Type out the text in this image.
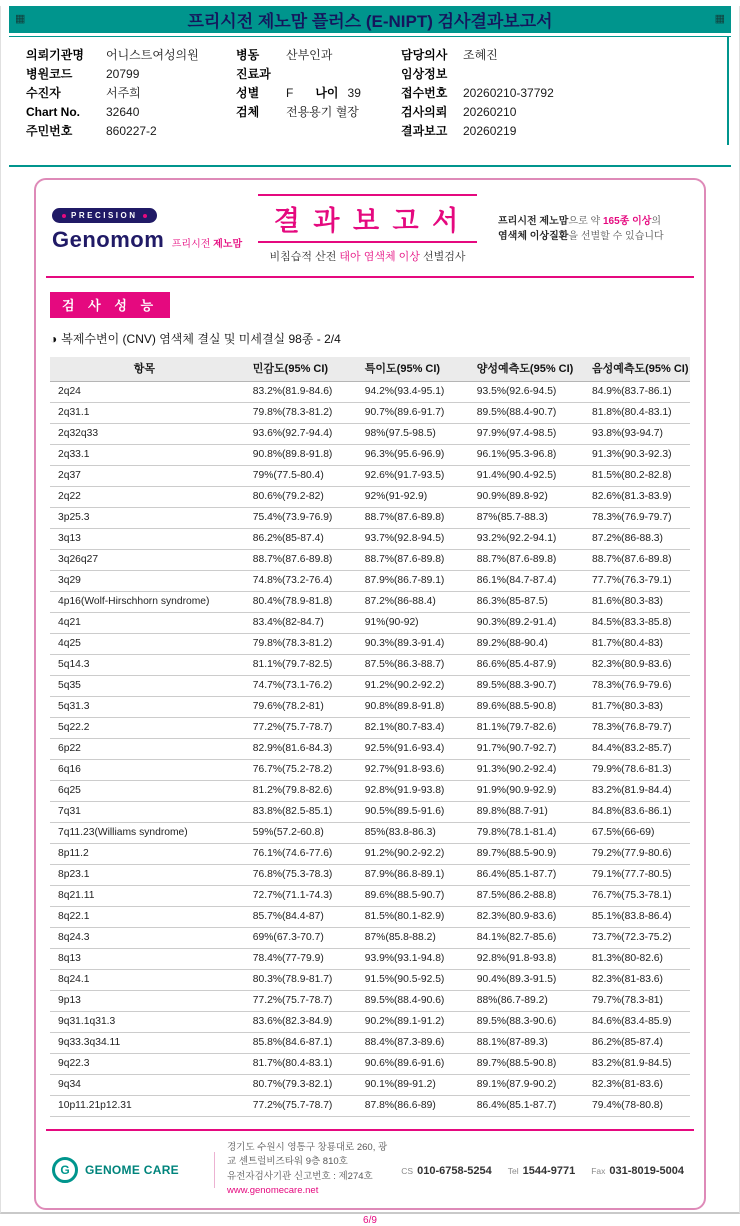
▦	프리시전 제노맘 플러스 (E-NIPT) 검사결과보고서	▦
의뢰기관명 어니스트여성의원
병원코드	20799
수진자	서주희
Chart No. 32640
주민번호	860227-2
병동 산부인과
진료과
성별 F 나이 39
검체 전용용기 혈장
담당의사 조혜진
임상정보
접수번호 20260210-37792
검사의뢰 20260210
결과보고 20260219
PRECISION
Genomom 프리시전 제노맘
결 과 보 고 서
비침습적 산전 태아 염색체 이상 선별검사
프리시전 제노맘으로 약 165종 이상의
염색체 이상질환을 선별할 수 있습니다
검 사 성 능
◑ 복제수변이 (CNV) 염색체 결실 및 미세결실 98종 - 2/4
항목	민감도(95% CI)	특이도(95% CI)	양성예측도(95% CI)	음성예측도(95% CI)
2q24	83.2%(81.9-84.6)	94.2%(93.4-95.1)	93.5%(92.6-94.5)	84.9%(83.7-86.1)
2q31.1	79.8%(78.3-81.2)	90.7%(89.6-91.7)	89.5%(88.4-90.7)	81.8%(80.4-83.1)
2q32q33	93.6%(92.7-94.4)	98%(97.5-98.5)	97.9%(97.4-98.5)	93.8%(93-94.7)
2q33.1	90.8%(89.8-91.8)	96.3%(95.6-96.9)	96.1%(95.3-96.8)	91.3%(90.3-92.3)
2q37	79%(77.5-80.4)	92.6%(91.7-93.5)	91.4%(90.4-92.5)	81.5%(80.2-82.8)
2q22	80.6%(79.2-82)	92%(91-92.9)	90.9%(89.8-92)	82.6%(81.3-83.9)
3p25.3	75.4%(73.9-76.9)	88.7%(87.6-89.8)	87%(85.7-88.3)	78.3%(76.9-79.7)
3q13	86.2%(85-87.4)	93.7%(92.8-94.5)	93.2%(92.2-94.1)	87.2%(86-88.3)
3q26q27	88.7%(87.6-89.8)	88.7%(87.6-89.8)	88.7%(87.6-89.8)	88.7%(87.6-89.8)
3q29	74.8%(73.2-76.4)	87.9%(86.7-89.1)	86.1%(84.7-87.4)	77.7%(76.3-79.1)
4p16(Wolf-Hirschhorn syndrome)	80.4%(78.9-81.8)	87.2%(86-88.4)	86.3%(85-87.5)	81.6%(80.3-83)
4q21	83.4%(82-84.7)	91%(90-92)	90.3%(89.2-91.4)	84.5%(83.3-85.8)
4q25	79.8%(78.3-81.2)	90.3%(89.3-91.4)	89.2%(88-90.4)	81.7%(80.4-83)
5q14.3	81.1%(79.7-82.5)	87.5%(86.3-88.7)	86.6%(85.4-87.9)	82.3%(80.9-83.6)
5q35	74.7%(73.1-76.2)	91.2%(90.2-92.2)	89.5%(88.3-90.7)	78.3%(76.9-79.6)
5q31.3	79.6%(78.2-81)	90.8%(89.8-91.8)	89.6%(88.5-90.8)	81.7%(80.3-83)
5q22.2	77.2%(75.7-78.7)	82.1%(80.7-83.4)	81.1%(79.7-82.6)	78.3%(76.8-79.7)
6p22	82.9%(81.6-84.3)	92.5%(91.6-93.4)	91.7%(90.7-92.7)	84.4%(83.2-85.7)
6q16	76.7%(75.2-78.2)	92.7%(91.8-93.6)	91.3%(90.2-92.4)	79.9%(78.6-81.3)
6q25	81.2%(79.8-82.6)	92.8%(91.9-93.8)	91.9%(90.9-92.9)	83.2%(81.9-84.4)
7q31	83.8%(82.5-85.1)	90.5%(89.5-91.6)	89.8%(88.7-91)	84.8%(83.6-86.1)
7q11.23(Williams syndrome)	59%(57.2-60.8)	85%(83.8-86.3)	79.8%(78.1-81.4)	67.5%(66-69)
8p11.2	76.1%(74.6-77.6)	91.2%(90.2-92.2)	89.7%(88.5-90.9)	79.2%(77.9-80.6)
8p23.1	76.8%(75.3-78.3)	87.9%(86.8-89.1)	86.4%(85.1-87.7)	79.1%(77.7-80.5)
8q21.11	72.7%(71.1-74.3)	89.6%(88.5-90.7)	87.5%(86.2-88.8)	76.7%(75.3-78.1)
8q22.1	85.7%(84.4-87)	81.5%(80.1-82.9)	82.3%(80.9-83.6)	85.1%(83.8-86.4)
8q24.3	69%(67.3-70.7)	87%(85.8-88.2)	84.1%(82.7-85.6)	73.7%(72.3-75.2)
8q13	78.4%(77-79.9)	93.9%(93.1-94.8)	92.8%(91.8-93.8)	81.3%(80-82.6)
8q24.1	80.3%(78.9-81.7)	91.5%(90.5-92.5)	90.4%(89.3-91.5)	82.3%(81-83.6)
9p13	77.2%(75.7-78.7)	89.5%(88.4-90.6)	88%(86.7-89.2)	79.7%(78.3-81)
9q31.1q31.3	83.6%(82.3-84.9)	90.2%(89.1-91.2)	89.5%(88.3-90.6)	84.6%(83.4-85.9)
9q33.3q34.11	85.8%(84.6-87.1)	88.4%(87.3-89.6)	88.1%(87-89.3)	86.2%(85-87.4)
9q22.3	81.7%(80.4-83.1)	90.6%(89.6-91.6)	89.7%(88.5-90.8)	83.2%(81.9-84.5)
9q34	80.7%(79.3-82.1)	90.1%(89-91.2)	89.1%(87.9-90.2)	82.3%(81-83.6)
10p11.21p12.31	77.2%(75.7-78.7)	87.8%(86.6-89)	86.4%(85.1-87.7)	79.4%(78-80.8)
G	GENOME CARE
경기도 수원시 영통구 창룡대로 260, 광교 센트럴비즈타워 9층 810호
유전자검사기관 신고번호 : 제274호
www.genomecare.net
CS 010-6758-5254 Tel 1544-9771 Fax 031-8019-5004
6/9
